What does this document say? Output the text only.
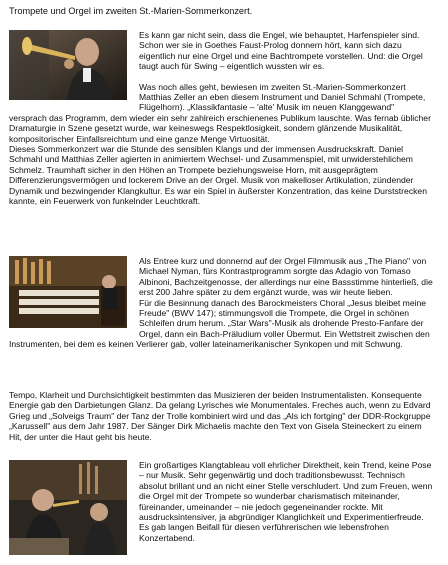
Trompete und Orgel im zweiten St.-Marien-Sommerkonzert.

Es kann gar nicht sein, dass die Engel, wie behauptet, Harfenspieler sind. Schon wer sie in Goethes Faust-Prolog donnern hört, kann sich dazu eigentlich nur eine Orgel und eine Bachtrompete vorstellen. Und: die Orgel taugt auch für Swing – eigentlich wussten wir es.

Was noch alles geht, bewiesen im zweiten St.-Marien-Sommerkonzert Matthias Zeller an eben diesem Instrument und Daniel Schmahl (Trompete, Flügelhorn). „Klassikfantasie – 'alte' Musik im neuen Klanggewand" versprach das Programm, dem wieder ein sehr zahlreich erschienenes Publikum lauschte. Was fernab üblicher Dramaturgie in Szene gesetzt wurde, war keineswegs Respektlosigkeit, sondern glänzende Musikalität, kompositorischer Einfallsreichtum und eine ganze Menge Virtuosität.

Dieses Sommerkonzert war die Stunde des sensiblen Klangs und der immensen Ausdruckskraft. Daniel Schmahl und Matthias Zeller agierten in animiertem Wechsel- und Zusammenspiel, mit unwiderstehlichem Schmelz. Traumhaft sicher in den Höhen an Trompete beziehungsweise Horn, mit ausgeprägtem Differenzierungsvermögen und lockerem Drive an der Orgel. Musik von makelloser Artikulation, zündender Dynamik und bezwingender Klangkultur. Es war ein Spiel in äußerster Konzentration, das keine Durststrecken kannte, ein Feuerwerk von funkelnder Leuchtkraft.

Als Entree kurz und donnernd auf der Orgel Filmmusik aus „The Piano" von Michael Nyman, fürs Kontrastprogramm sorgte das Adagio von Tomaso Albinoni, Bachzeitgenosse, der allerdings nur eine Bassstimme hinterließ, die erst 200 Jahre später zu dem ergänzt wurde, was wir heute lieben.

Für die Besinnung danach des Barockmeisters Choral „Jesus bleibet meine Freude" (BWV 147); stimmungsvoll die Trompete, die Orgel in schönen Schleifen drum herum. „Star Wars"-Musik als drohende Presto-Fanfare der Orgel, dann ein Bach-Präludium voller Übermut. Ein Wettstreit zwischen den Instrumenten, bei dem es keinen Verlierer gab, voller lateinamerikanischer Synkopen und mit Schwung.

Tempo, Klarheit und Durchsichtigkeit bestimmten das Musizieren der beiden Instrumentalisten. Konsequente Energie gab den Darbietungen Glanz. Da gelang Lyrisches wie Monumentales. Freches auch, wenn zu Edvard Grieg und „Solveigs Traum" der Tanz der Trolle kombiniert wird und das „Als ich fortging" der DDR-Rockgruppe „Karussell" aus dem Jahr 1987. Der Sänger Dirk Michaelis machte den Text von Gisela Steineckert zu einem Hit, der unter die Haut geht bis heute.

Ein großartiges Klangtableau voll ehrlicher Direktheit, kein Trend, keine Pose – nur Musik. Sehr gegenwärtig und doch traditionsbewusst. Technisch absolut brillant und an nicht einer Stelle verschludert. Und zum Freuen, wenn die Orgel mit der Trompete so wunderbar charismatisch miteinander, füreinander, umeinander – nie jedoch gegeneinander rockte. Mit ausdrucksintensiver, ja abgründiger Klanglichkeit und Experimentierfreude.

Es gab langen Beifall für diesen verführerischen wie lebensfrohen Konzertabend.
